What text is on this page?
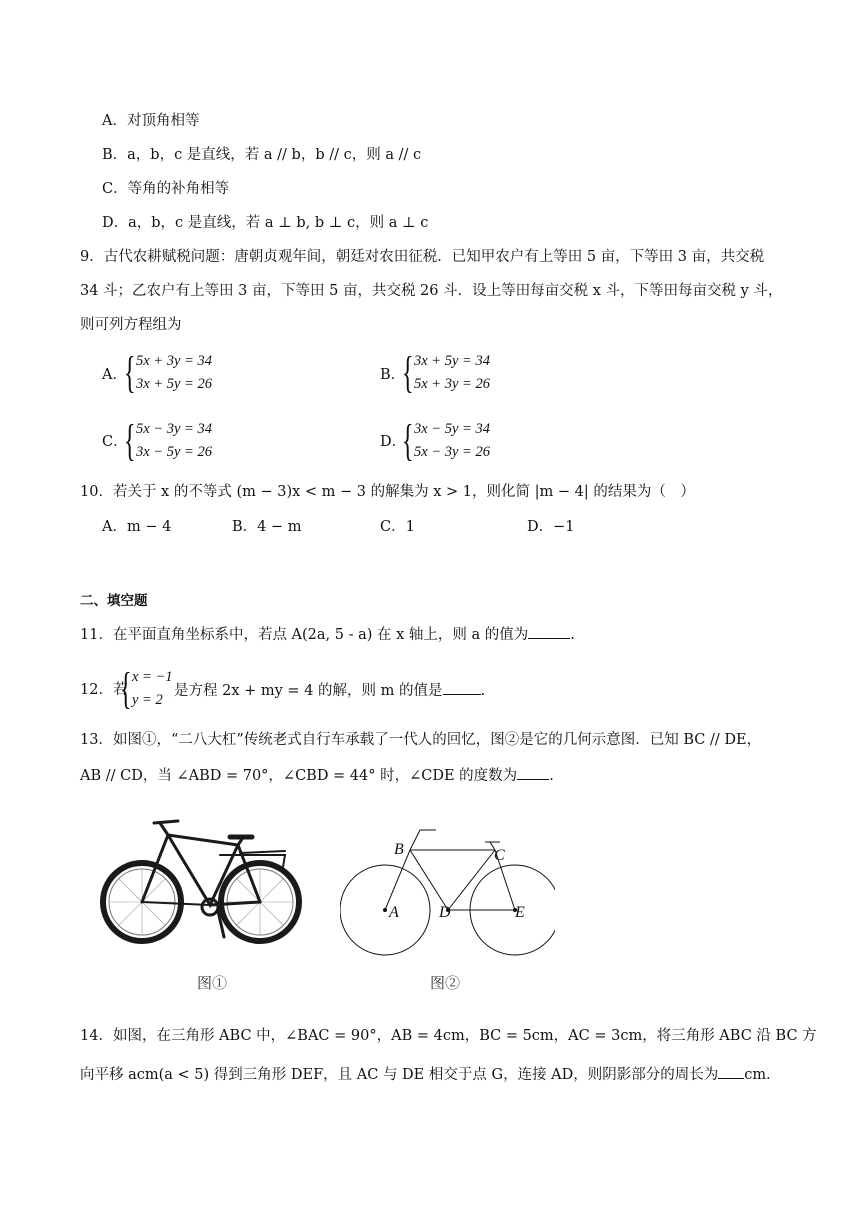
A．对顶角相等
B．a，b，c 是直线，若 a // b，b // c，则 a // c
C．等角的补角相等
D．a，b，c 是直线，若 a ⊥ b, b ⊥ c，则 a ⊥ c
9．古代农耕赋税问题：唐朝贞观年间，朝廷对农田征税．已知甲农户有上等田 5 亩，下等田 3 亩，共交税
34 斗；乙农户有上等田 3 亩，下等田 5 亩，共交税 26 斗．设上等田每亩交税 x 斗，下等田每亩交税 y 斗，
则可列方程组为
A．
{ 5x + 3y = 34
3x + 5y = 26
B．
{ 3x + 5y = 34
5x + 3y = 26
C．
{ 5x − 3y = 34
3x − 5y = 26
D．
{ 3x − 5y = 34
5x − 3y = 26
10．若关于 x 的不等式 (m − 3)x < m − 3 的解集为 x > 1，则化简 |m − 4| 的结果为（　）
A．m − 4	B．4 − m	C．1	D．−1
二、填空题
11．在平面直角坐标系中，若点 A(2a, 5 - a) 在 x 轴上，则 a 的值为	.
12．若
{ x = −1
y = 2
是方程 2x + my = 4 的解，则 m 的值是	.
13．如图①，“二八大杠”传统老式自行车承载了一代人的回忆，图②是它的几何示意图．已知 BC // DE，
AB // CD，当 ∠ABD = 70°，∠CBD = 44° 时，∠CDE 的度数为 .
图①
B	C
A	D	E
图②
14．如图，在三角形 ABC 中，∠BAC = 90°，AB = 4cm，BC = 5cm，AC = 3cm，将三角形 ABC 沿 BC 方
向平移 acm(a < 5) 得到三角形 DEF，且 AC 与 DE 相交于点 G，连接 AD，则阴影部分的周长为 cm．
